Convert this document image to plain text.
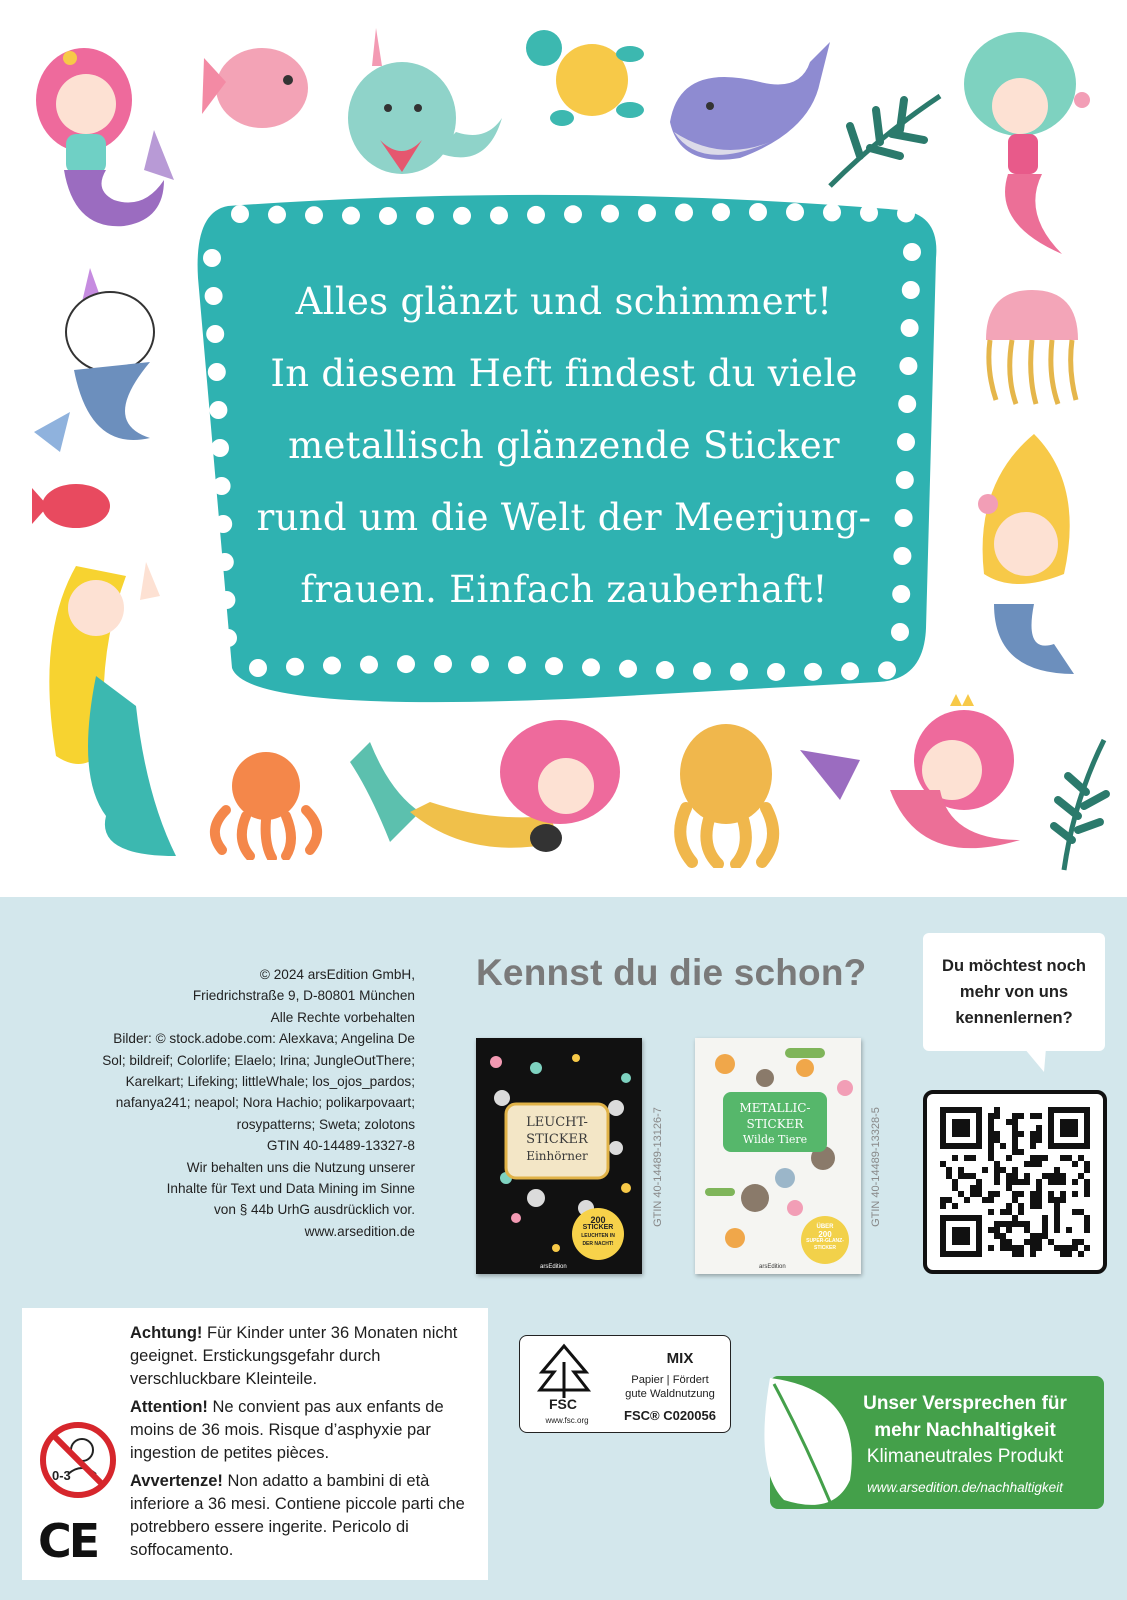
Alles glänzt und schimmert!
In diesem Heft findest du viele
metallisch glänzende Sticker
rund um die Welt der Meerjung-
frauen. Einfach zauberhaft!
© 2024 arsEdition GmbH,
Friedrichstraße 9, D-80801 München
Alle Rechte vorbehalten
Bilder: © stock.adobe.com: Alexkava; Angelina De
Sol; bildreif; Colorlife; Elaelo; Irina; JungleOutThere;
Karelkart; Lifeking; littleWhale; los_ojos_pardos;
nafanya241; neapol; Nora Hachio; polikarpovaart;
rosypatterns; Sweta; zolotons
GTIN 40-14489-13327-8
Wir behalten uns die Nutzung unserer
Inhalte für Text und Data Mining im Sinne
von § 44b UrhG ausdrücklich vor.
www.arsedition.de
Kennst du die schon?
LEUCHT-
STICKER
Einhörner
200
STICKER
LEUCHTEN IN
DER NACHT!
arsEdition
GTIN 40-14489-13126-7	METALLIC-
STICKER
Wilde Tiere
ÜBER
200
SUPER-GLANZ-
STICKER
arsEdition
GTIN 40-14489-13328-5
Du möchtest noch
mehr von uns
kennenlernen?
0-3
CE

Achtung! Für Kinder unter 36 Monaten nicht geeignet. Erstickungsgefahr durch verschluckbare Kleinteile.

Attention! Ne convient pas aux enfants de moins de 36 mois. Risque d’asphyxie par ingestion de petites pièces.

Avvertenze! Non adatto a bambini di età inferiore a 36 mesi. Contiene piccole parti che potrebbero essere ingerite. Pericolo di soffocamento.

FSC
www.fsc.org
MIX
Papier | Fördert
gute Waldnutzung
FSC® C020056
Unser Versprechen für
mehr Nachhaltigkeit
Klimaneutrales Produkt
www.arsedition.de/nachhaltigkeit
